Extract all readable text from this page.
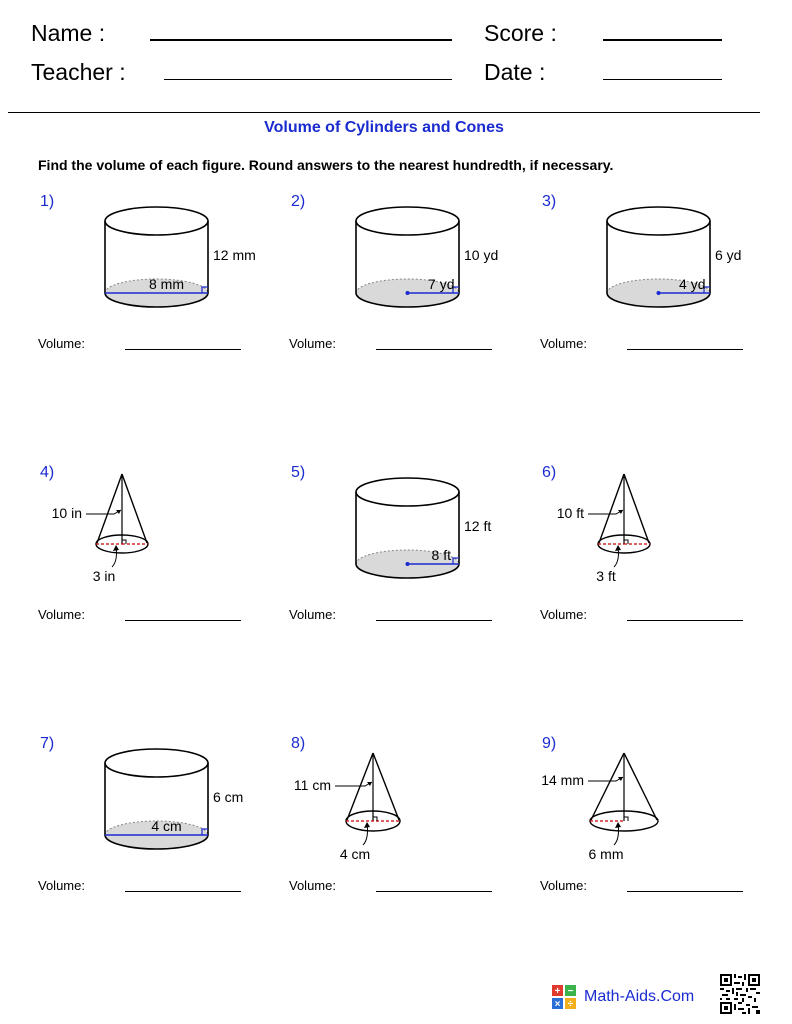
Name :	Score :
Teacher :	Date :
Volume of Cylinders and Cones
Find the volume of each figure. Round answers to the nearest hundredth, if necessary.
1)
Volume:
8 mm
12 mm
2)
Volume:
7 yd
10 yd
3)
Volume:
4 yd
6 yd
4)
Volume:
10 in
3 in
5)
Volume:
8 ft
12 ft
6)
Volume:
10 ft
3 ft
7)
Volume:
4 cm
6 cm
8)
Volume:
11 cm
4 cm
9)
Volume:
14 mm
6 mm
+ −
× ÷ Math-Aids.Com
